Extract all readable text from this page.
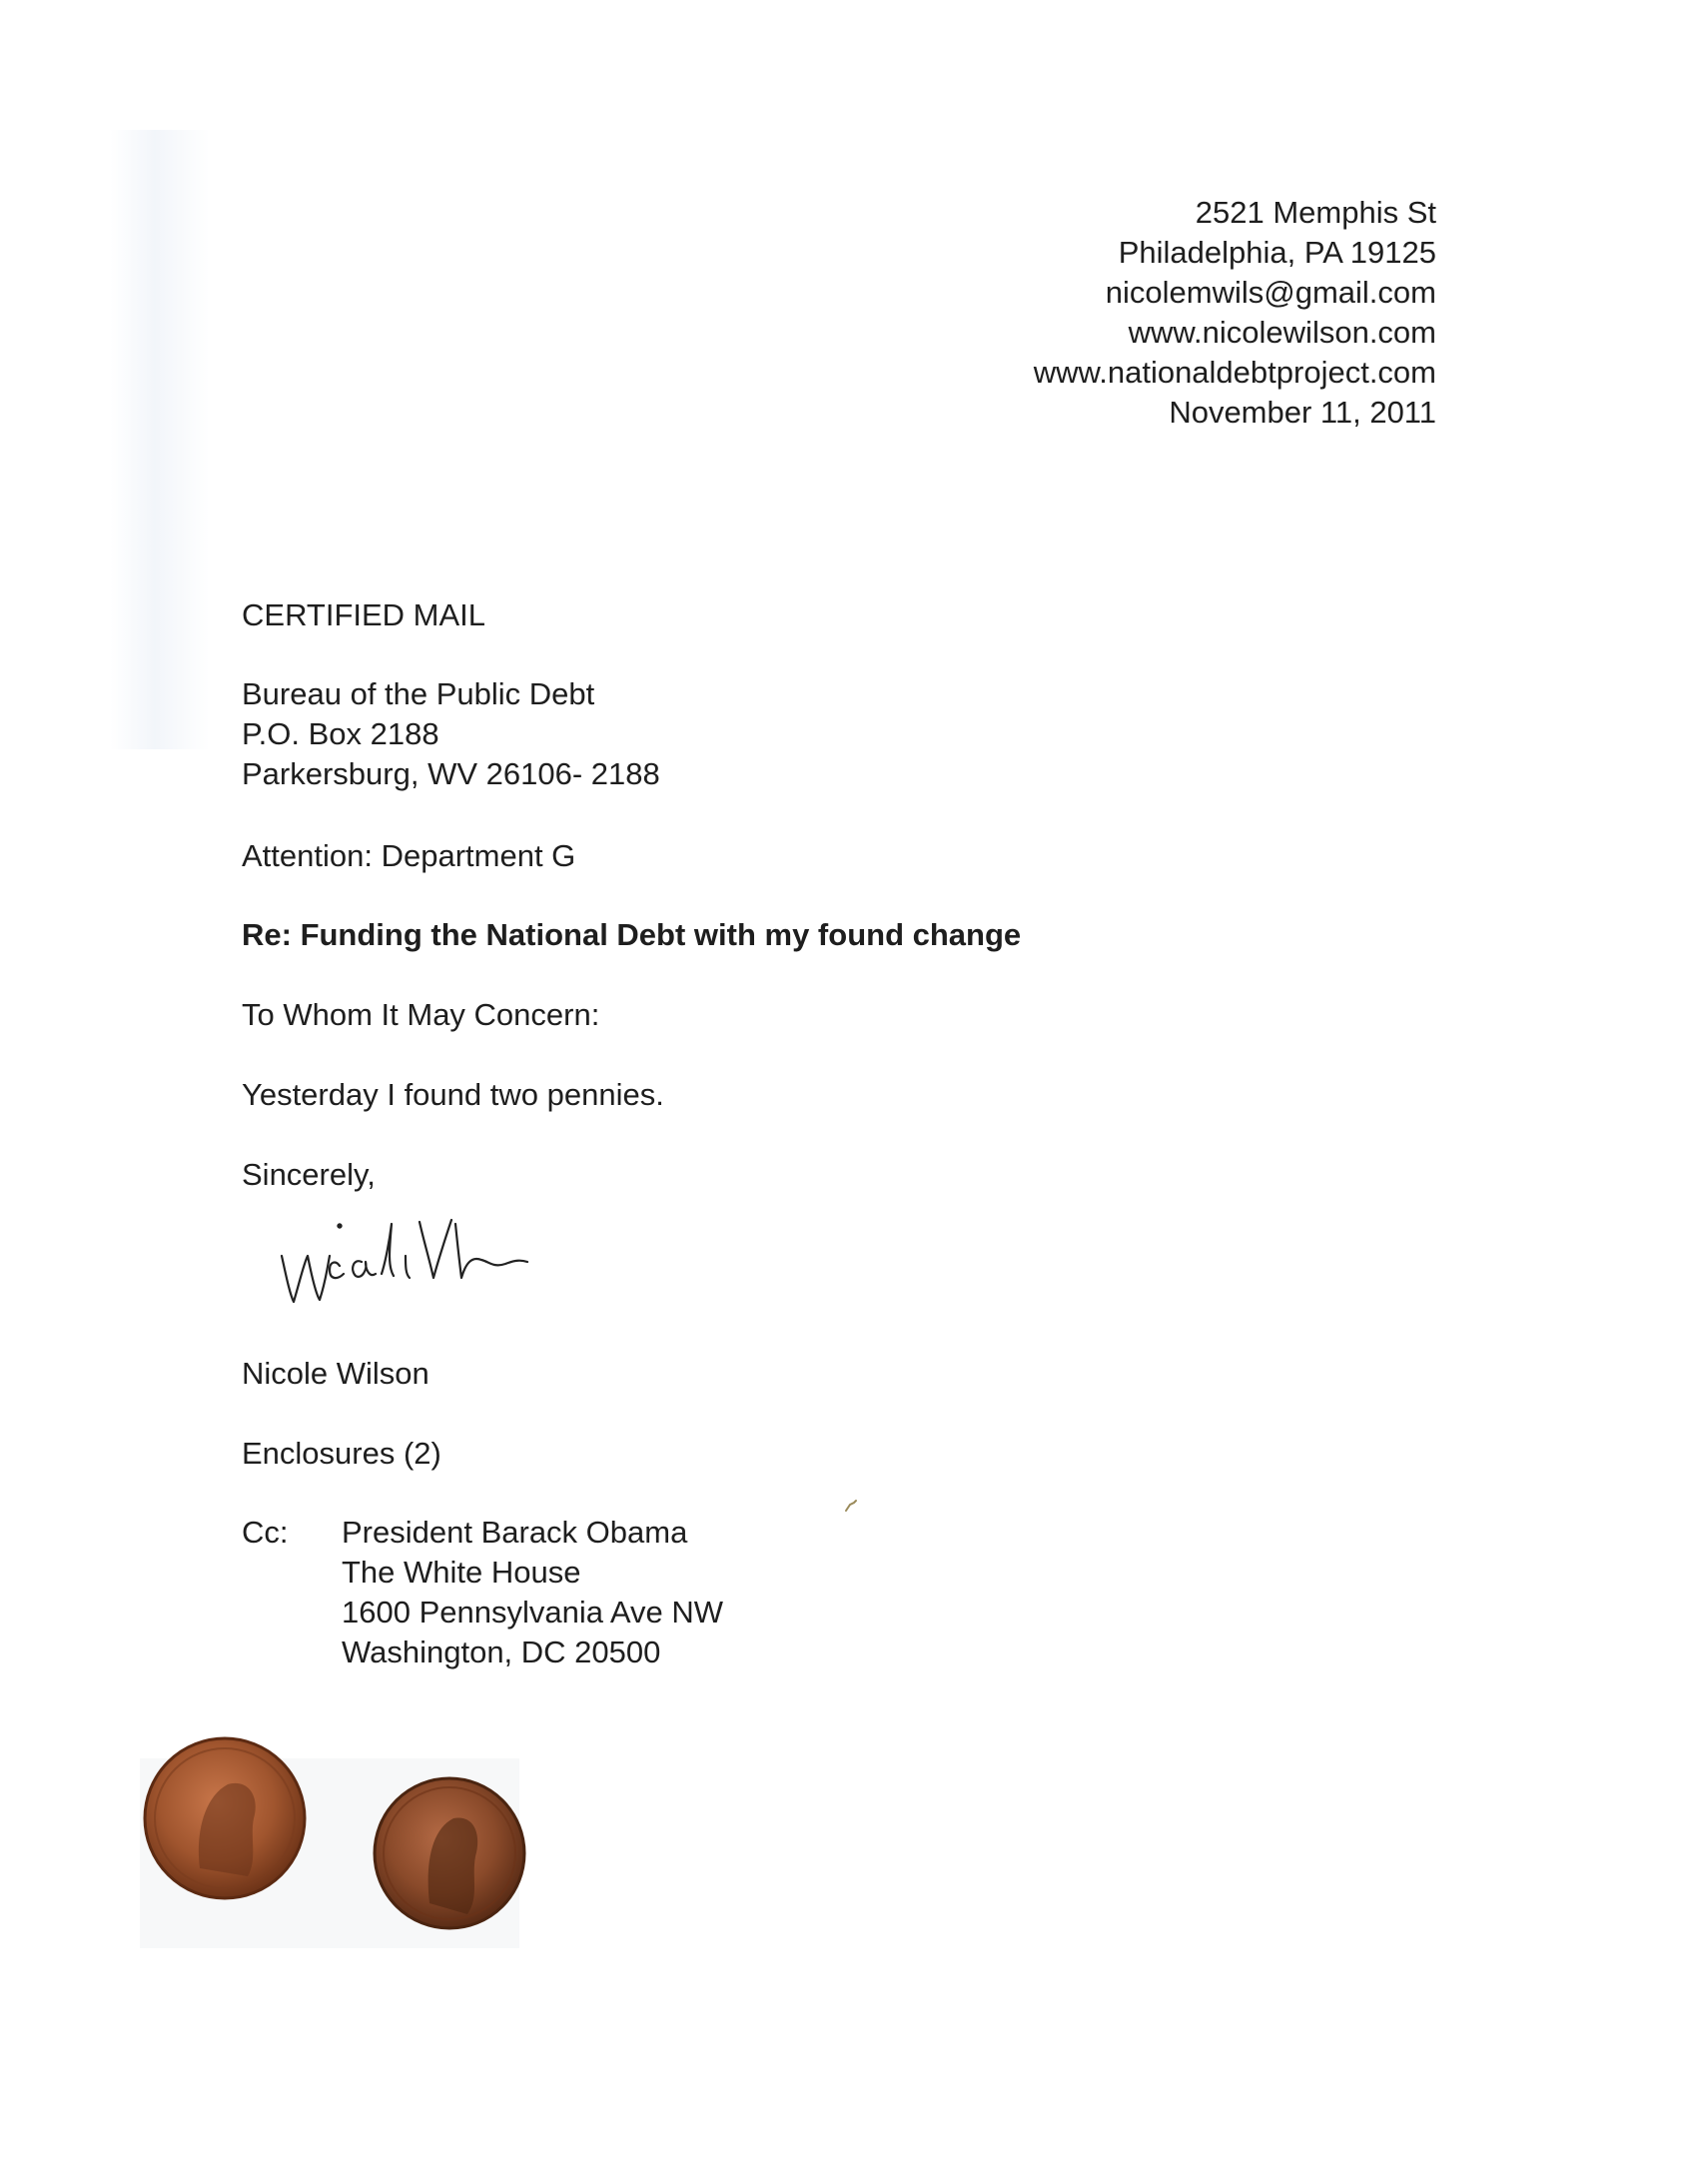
2521 Memphis St
Philadelphia, PA 19125
nicolemwils@gmail.com
www.nicolewilson.com
www.nationaldebtproject.com
November 11, 2011
CERTIFIED MAIL
Bureau of the Public Debt
P.O. Box 2188
Parkersburg, WV 26106- 2188
Attention: Department G
Re: Funding the National Debt with my found change
To Whom It May Concern:
Yesterday I found two pennies.
Sincerely,
Nicole Wilson
Enclosures (2)
Cc: President Barack Obama
The White House
1600 Pennsylvania Ave NW
Washington, DC 20500
